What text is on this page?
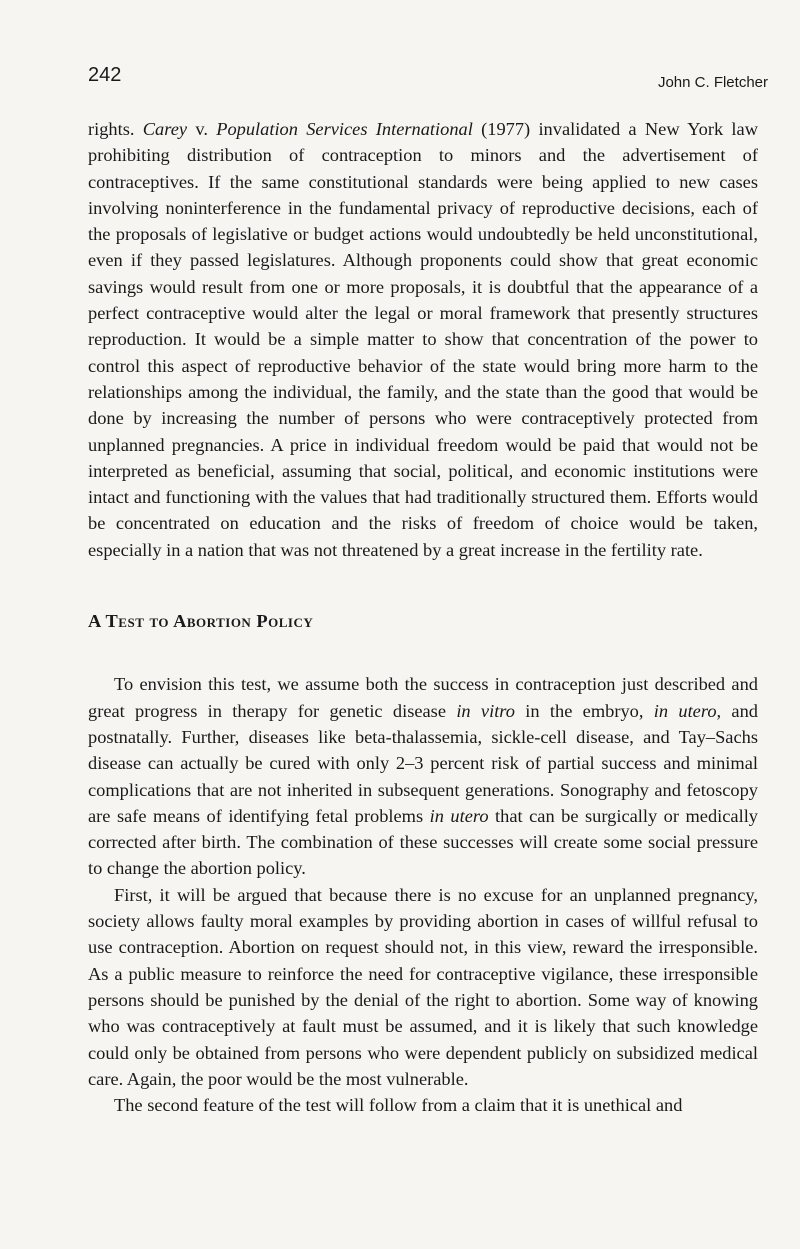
242	John C. Fletcher

rights. Carey v. Population Services International (1977) invalidated a New York law prohibiting distribution of contraception to minors and the advertisement of contraceptives. If the same constitutional standards were being applied to new cases involving noninterference in the fundamental privacy of reproductive decisions, each of the proposals of legislative or budget actions would undoubtedly be held unconstitutional, even if they passed legislatures. Although proponents could show that great economic savings would result from one or more proposals, it is doubtful that the appearance of a perfect contraceptive would alter the legal or moral framework that presently structures reproduction. It would be a simple matter to show that concentration of the power to control this aspect of reproductive behavior of the state would bring more harm to the relationships among the individual, the family, and the state than the good that would be done by increasing the number of persons who were contraceptively protected from unplanned pregnancies. A price in individual freedom would be paid that would not be interpreted as beneficial, assuming that social, political, and economic institutions were intact and functioning with the values that had traditionally structured them. Efforts would be concentrated on education and the risks of freedom of choice would be taken, especially in a nation that was not threatened by a great increase in the fertility rate.

A Test to Abortion Policy

To envision this test, we assume both the success in contraception just described and great progress in therapy for genetic disease in vitro in the embryo, in utero, and postnatally. Further, diseases like beta-thalassemia, sickle-cell disease, and Tay–Sachs disease can actually be cured with only 2–3 percent risk of partial success and minimal complications that are not inherited in subsequent generations. Sonography and fetoscopy are safe means of identifying fetal problems in utero that can be surgically or medically corrected after birth. The combination of these successes will create some social pressure to change the abortion policy.

First, it will be argued that because there is no excuse for an unplanned pregnancy, society allows faulty moral examples by providing abortion in cases of willful refusal to use contraception. Abortion on request should not, in this view, reward the irresponsible. As a public measure to reinforce the need for contraceptive vigilance, these irresponsible persons should be punished by the denial of the right to abortion. Some way of knowing who was contraceptively at fault must be assumed, and it is likely that such knowledge could only be obtained from persons who were dependent publicly on subsidized medical care. Again, the poor would be the most vulnerable.

The second feature of the test will follow from a claim that it is unethical and
